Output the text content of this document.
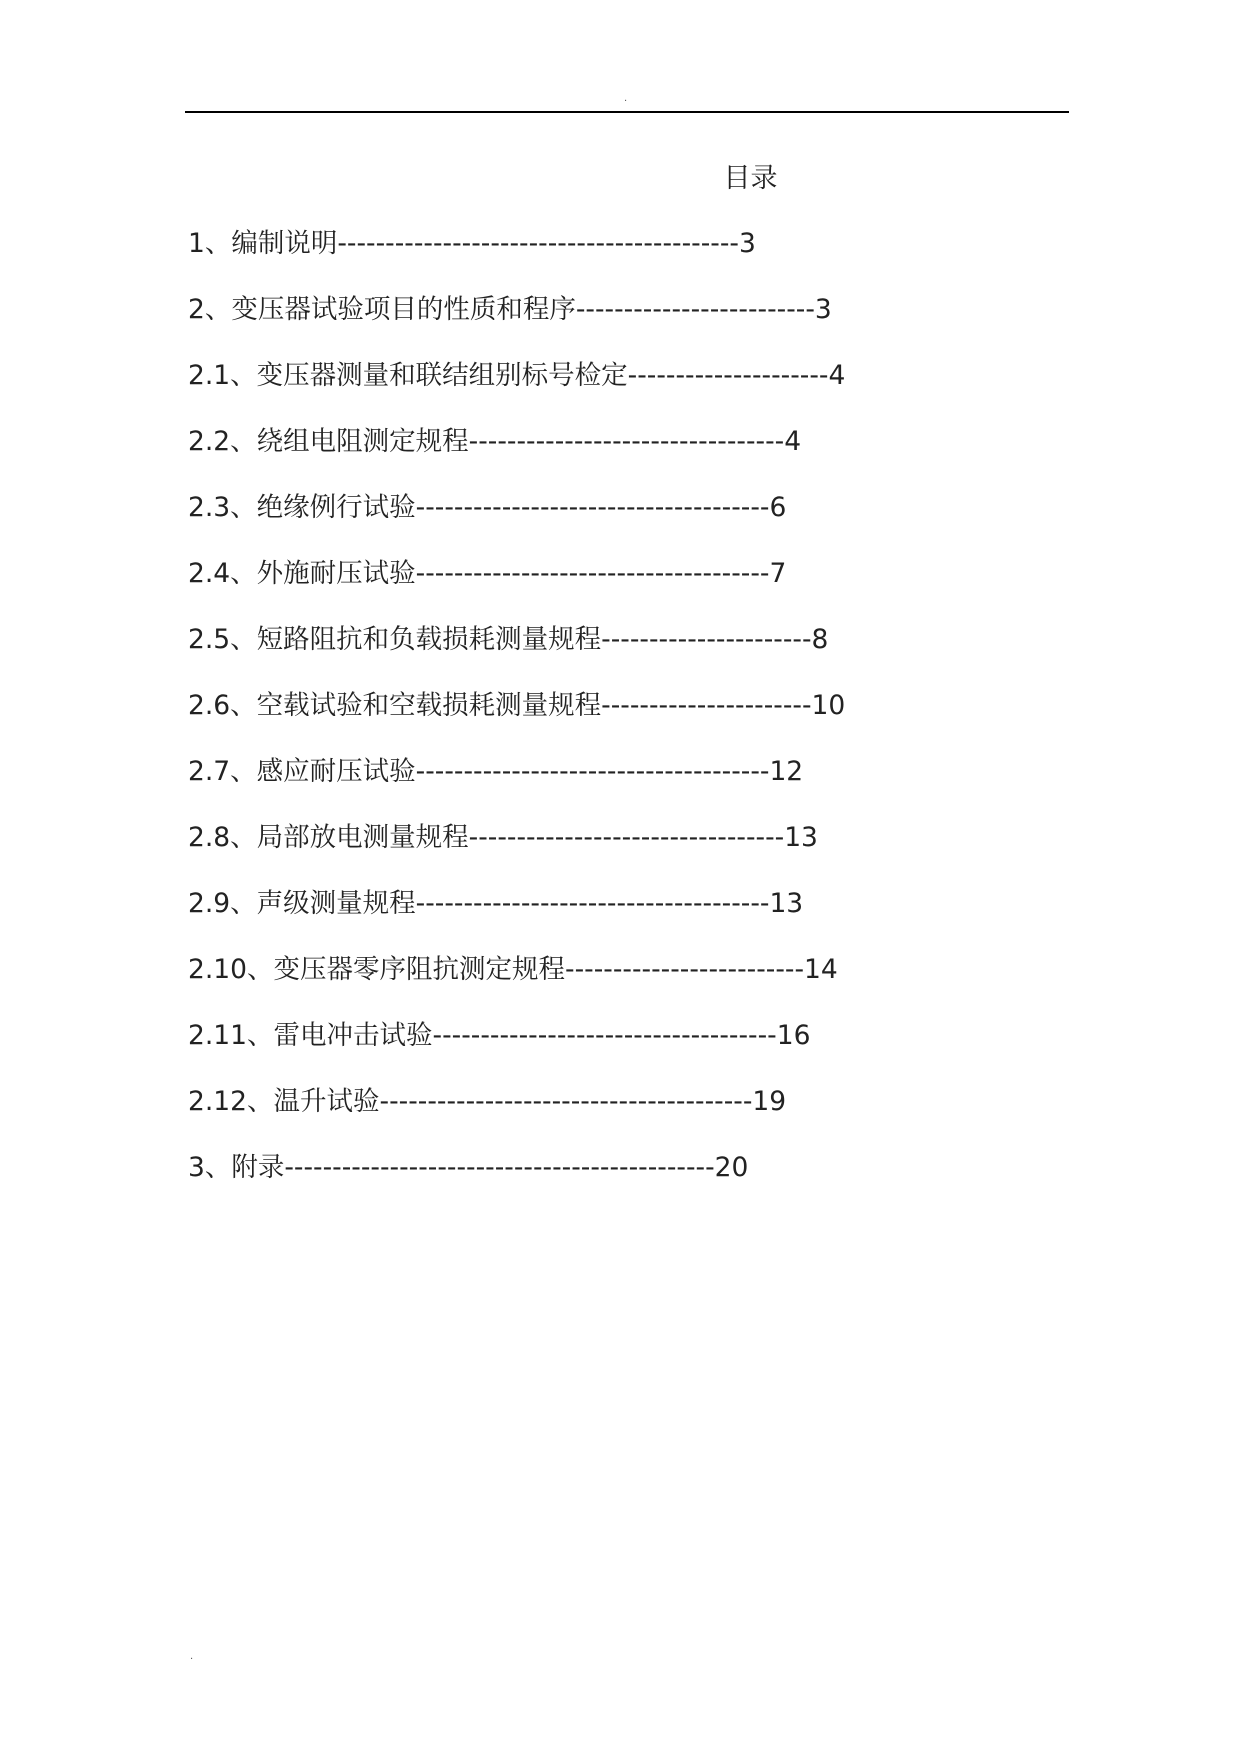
.
目录
1、编制说明------------------------------------------3
2、变压器试验项目的性质和程序-------------------------3
2.1、变压器测量和联结组别标号检定---------------------4
2.2、绕组电阻测定规程---------------------------------4
2.3、绝缘例行试验-------------------------------------6
2.4、外施耐压试验-------------------------------------7
2.5、短路阻抗和负载损耗测量规程----------------------8
2.6、空载试验和空载损耗测量规程----------------------10
2.7、感应耐压试验-------------------------------------12
2.8、局部放电测量规程---------------------------------13
2.9、声级测量规程-------------------------------------13
2.10、变压器零序阻抗测定规程-------------------------14
2.11、雷电冲击试验------------------------------------16
2.12、温升试验---------------------------------------19
3、附录---------------------------------------------20
.
